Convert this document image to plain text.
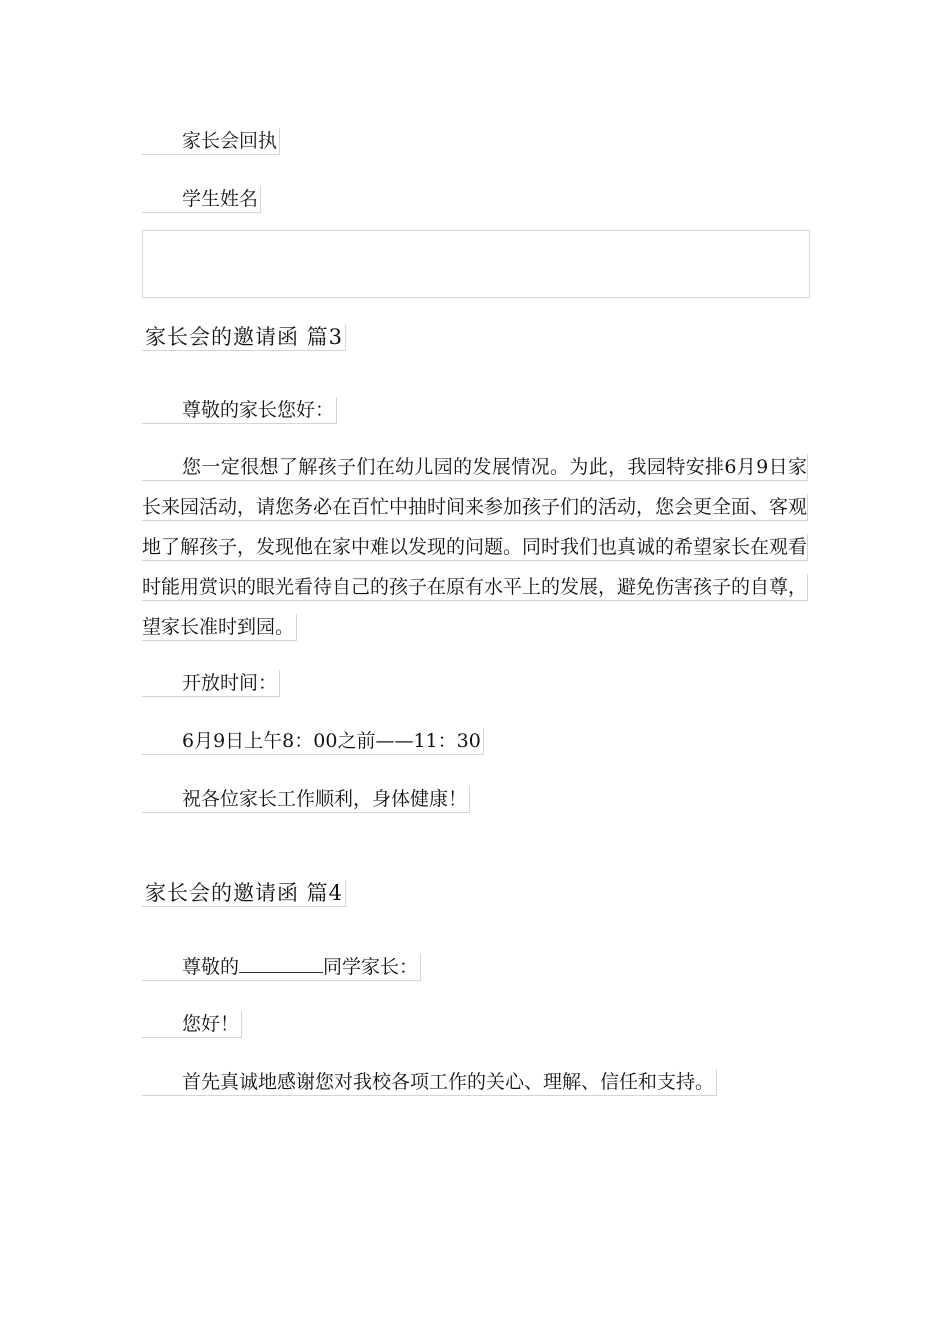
家长会回执
学生姓名
家长会的邀请函 篇3
尊敬的家长您好：
您一定很想了解孩子们在幼儿园的发展情况。为此，我园特安排6月9日家
长来园活动，请您务必在百忙中抽时间来参加孩子们的活动，您会更全面、客观
地了解孩子，发现他在家中难以发现的问题。同时我们也真诚的希望家长在观看
时能用赏识的眼光看待自己的孩子在原有水平上的发展，避免伤害孩子的自尊，
望家长准时到园。
开放时间：
6月9日上午8：00之前——11：30
祝各位家长工作顺利，身体健康！
家长会的邀请函 篇4
尊敬的	同学家长：
您好！
首先真诚地感谢您对我校各项工作的关心、理解、信任和支持。
